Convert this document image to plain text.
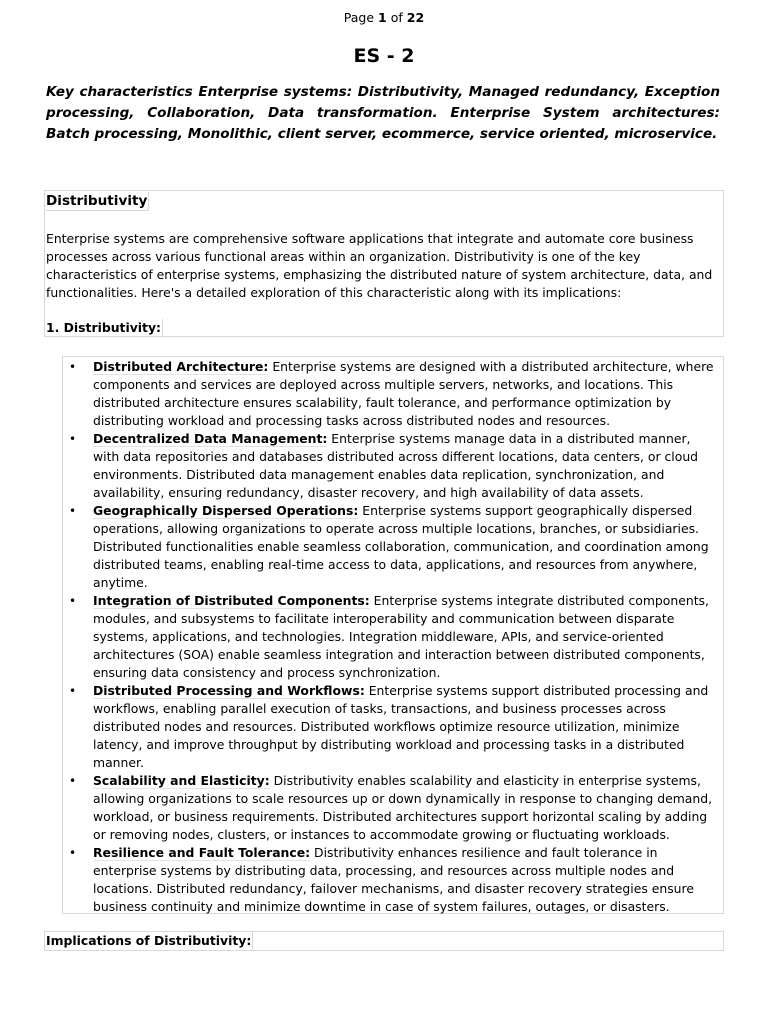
Page 1 of 22
ES - 2

Key characteristics Enterprise systems: Distributivity, Managed redundancy, Exception processing, Collaboration, Data transformation. Enterprise System architectures: Batch processing, Monolithic, client server, ecommerce, service oriented, microservice.

Distributivity

Enterprise systems are comprehensive software applications that integrate and automate core business processes across various functional areas within an organization. Distributivity is one of the key characteristics of enterprise systems, emphasizing the distributed nature of system architecture, data, and functionalities. Here's a detailed exploration of this characteristic along with its implications:

1. Distributivity:
• Distributed Architecture: Enterprise systems are designed with a distributed architecture, where components and services are deployed across multiple servers, networks, and locations. This distributed architecture ensures scalability, fault tolerance, and performance optimization by distributing workload and processing tasks across distributed nodes and resources.
• Decentralized Data Management: Enterprise systems manage data in a distributed manner, with data repositories and databases distributed across different locations, data centers, or cloud environments. Distributed data management enables data replication, synchronization, and availability, ensuring redundancy, disaster recovery, and high availability of data assets.
• Geographically Dispersed Operations: Enterprise systems support geographically dispersed operations, allowing organizations to operate across multiple locations, branches, or subsidiaries. Distributed functionalities enable seamless collaboration, communication, and coordination among distributed teams, enabling real-time access to data, applications, and resources from anywhere, anytime.
• Integration of Distributed Components: Enterprise systems integrate distributed components, modules, and subsystems to facilitate interoperability and communication between disparate systems, applications, and technologies. Integration middleware, APIs, and service-oriented architectures (SOA) enable seamless integration and interaction between distributed components, ensuring data consistency and process synchronization.
• Distributed Processing and Workflows: Enterprise systems support distributed processing and workflows, enabling parallel execution of tasks, transactions, and business processes across distributed nodes and resources. Distributed workflows optimize resource utilization, minimize latency, and improve throughput by distributing workload and processing tasks in a distributed manner.
• Scalability and Elasticity: Distributivity enables scalability and elasticity in enterprise systems, allowing organizations to scale resources up or down dynamically in response to changing demand, workload, or business requirements. Distributed architectures support horizontal scaling by adding or removing nodes, clusters, or instances to accommodate growing or fluctuating workloads.
• Resilience and Fault Tolerance: Distributivity enhances resilience and fault tolerance in enterprise systems by distributing data, processing, and resources across multiple nodes and locations. Distributed redundancy, failover mechanisms, and disaster recovery strategies ensure business continuity and minimize downtime in case of system failures, outages, or disasters.
Implications of Distributivity:
